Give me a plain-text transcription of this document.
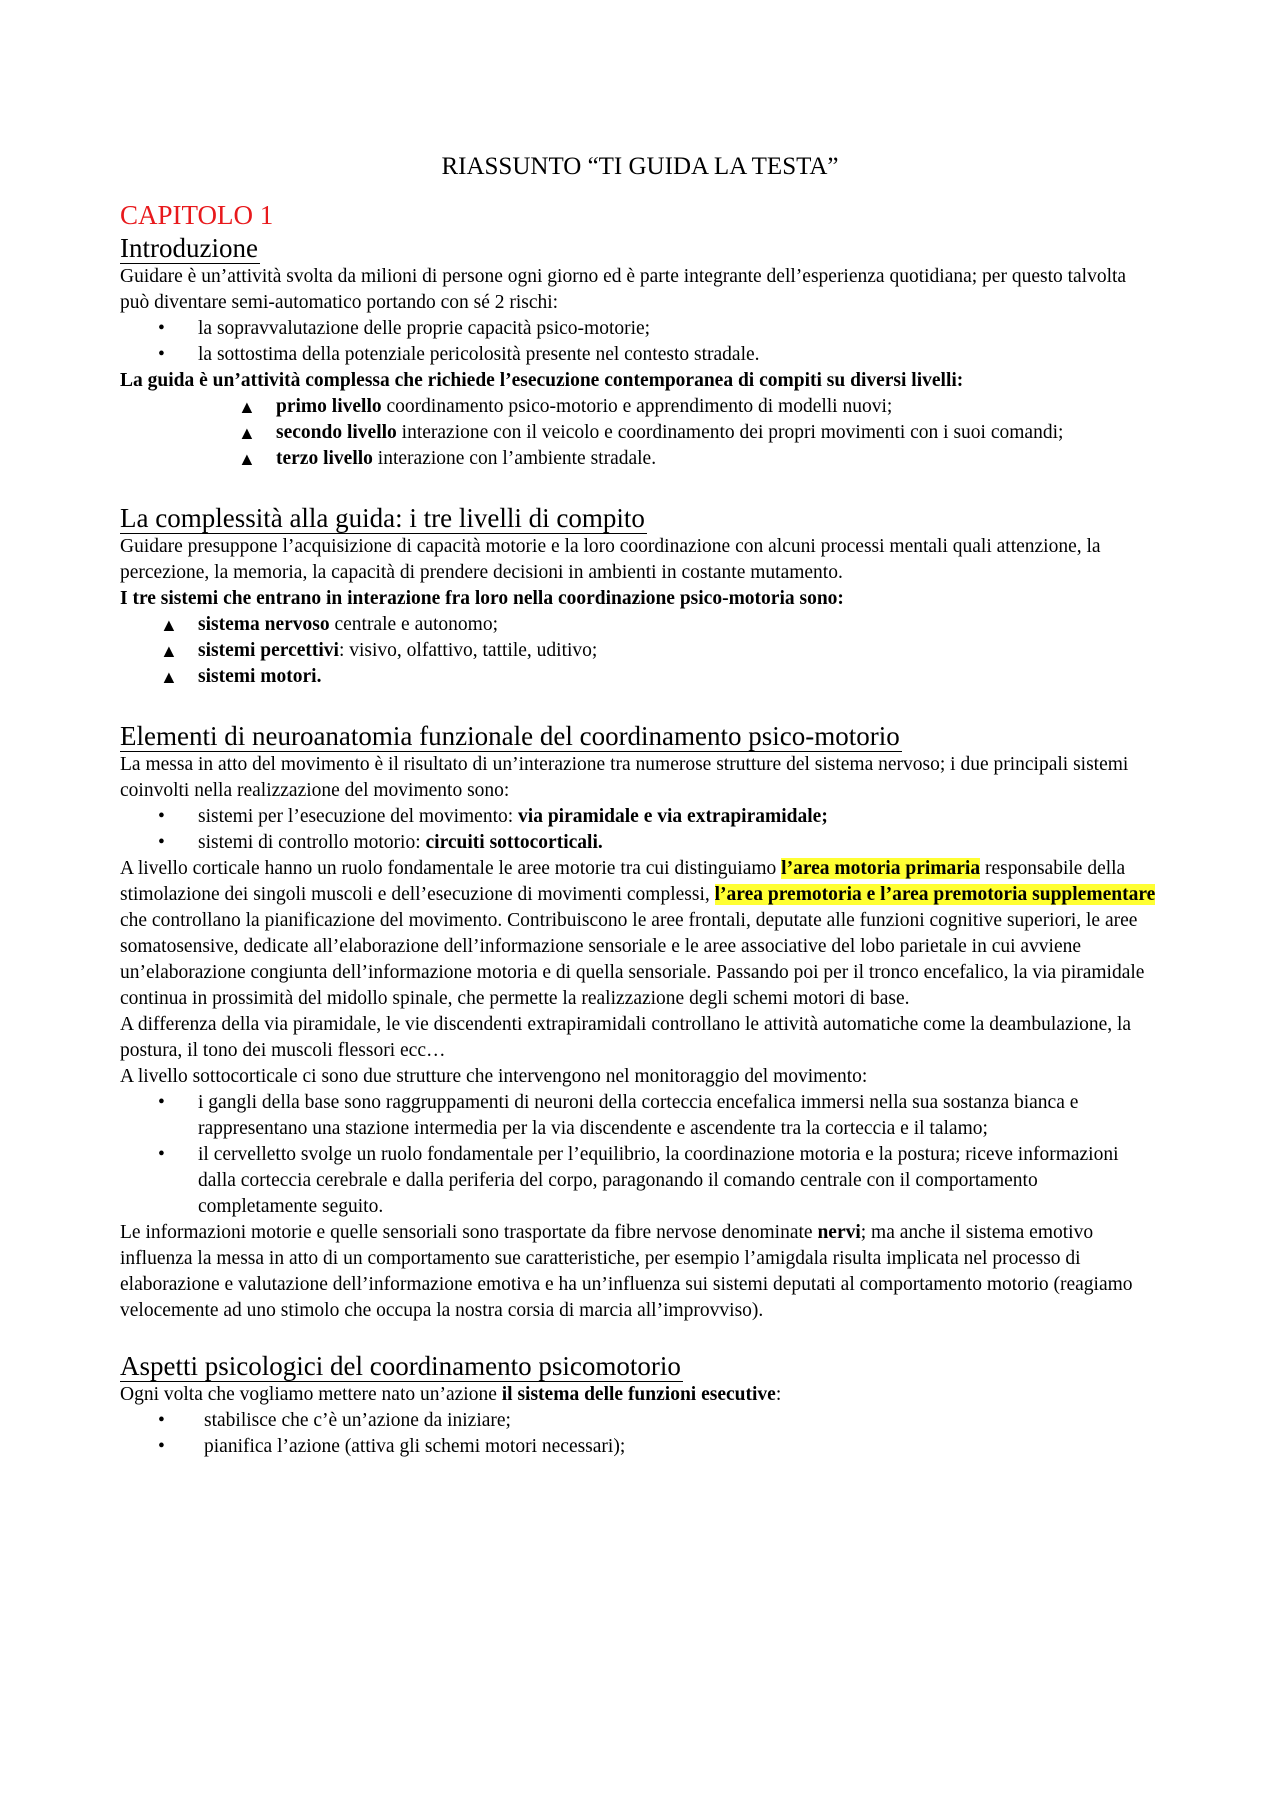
RIASSUNTO “TI GUIDA LA TESTA”

CAPITOLO 1

Introduzione

Guidare è un’attività svolta da milioni di persone ogni giorno ed è parte integrante dell’esperienza quotidiana; per questo talvolta può diventare semi-automatico portando con sé 2 rischi:

• la sopravvalutazione delle proprie capacità psico-motorie;
• la sottostima della potenziale pericolosità presente nel contesto stradale.

La guida è un’attività complessa che richiede l’esecuzione contemporanea di compiti su diversi livelli:

▲ primo livello coordinamento psico-motorio e apprendimento di modelli nuovi;
▲ secondo livello interazione con il veicolo e coordinamento dei propri movimenti con i suoi comandi;
▲ terzo livello interazione con l’ambiente stradale.

La complessità alla guida: i tre livelli di compito

Guidare presuppone l’acquisizione di capacità motorie e la loro coordinazione con alcuni processi mentali quali attenzione, la percezione, la memoria, la capacità di prendere decisioni in ambienti in costante mutamento.

I tre sistemi che entrano in interazione fra loro nella coordinazione psico-motoria sono:

▲ sistema nervoso centrale e autonomo;
▲ sistemi percettivi: visivo, olfattivo, tattile, uditivo;
▲ sistemi motori.

Elementi di neuroanatomia funzionale del coordinamento psico-motorio

La messa in atto del movimento è il risultato di un’interazione tra numerose strutture del sistema nervoso; i due principali sistemi coinvolti nella realizzazione del movimento sono:

• sistemi per l’esecuzione del movimento: via piramidale e via extrapiramidale;
• sistemi di controllo motorio: circuiti sottocorticali.

A livello corticale hanno un ruolo fondamentale le aree motorie tra cui distinguiamo l’area motoria primaria responsabile della stimolazione dei singoli muscoli e dell’esecuzione di movimenti complessi, l’area premotoria e l’area premotoria supplementare che controllano la pianificazione del movimento. Contribuiscono le aree frontali, deputate alle funzioni cognitive superiori, le aree somatosensive, dedicate all’elaborazione dell’informazione sensoriale e le aree associative del lobo parietale in cui avviene un’elaborazione congiunta dell’informazione motoria e di quella sensoriale. Passando poi per il tronco encefalico, la via piramidale continua in prossimità del midollo spinale, che permette la realizzazione degli schemi motori di base.

A differenza della via piramidale, le vie discendenti extrapiramidali controllano le attività automatiche come la deambulazione, la postura, il tono dei muscoli flessori ecc…

A livello sottocorticale ci sono due strutture che intervengono nel monitoraggio del movimento:

• i gangli della base sono raggruppamenti di neuroni della corteccia encefalica immersi nella sua sostanza bianca e rappresentano una stazione intermedia per la via discendente e ascendente tra la corteccia e il talamo;
• il cervelletto svolge un ruolo fondamentale per l’equilibrio, la coordinazione motoria e la postura; riceve informazioni dalla corteccia cerebrale e dalla periferia del corpo, paragonando il comando centrale con il comportamento completamente seguito.

Le informazioni motorie e quelle sensoriali sono trasportate da fibre nervose denominate nervi; ma anche il sistema emotivo influenza la messa in atto di un comportamento sue caratteristiche, per esempio l’amigdala risulta implicata nel processo di elaborazione e valutazione dell’informazione emotiva e ha un’influenza sui sistemi deputati al comportamento motorio (reagiamo velocemente ad uno stimolo che occupa la nostra corsia di marcia all’improvviso).

Aspetti psicologici del coordinamento psicomotorio

Ogni volta che vogliamo mettere nato un’azione il sistema delle funzioni esecutive:

• stabilisce che c’è un’azione da iniziare;
• pianifica l’azione (attiva gli schemi motori necessari);
